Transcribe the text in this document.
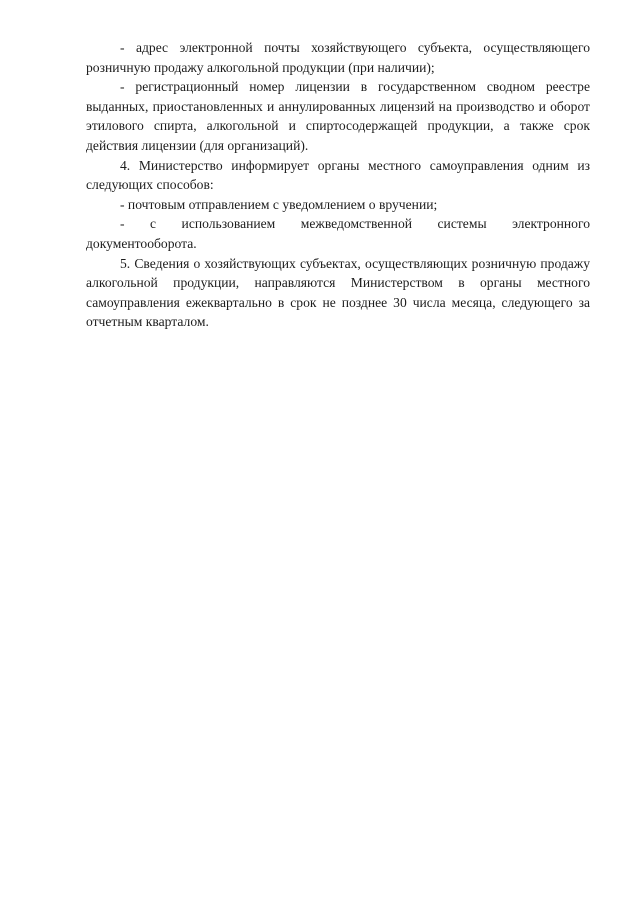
- адрес электронной почты хозяйствующего субъекта, осуществляющего розничную продажу алкогольной продукции (при наличии);

- регистрационный номер лицензии в государственном сводном реестре выданных, приостановленных и аннулированных лицензий на производство и оборот этилового спирта, алкогольной и спиртосодержащей продукции, а также срок действия лицензии (для организаций).

4. Министерство информирует органы местного самоуправления одним из следующих способов:

- почтовым отправлением с уведомлением о вручении;

- с использованием межведомственной системы электронного документооборота.

5. Сведения о хозяйствующих субъектах, осуществляющих розничную продажу алкогольной продукции, направляются Министерством в органы местного самоуправления ежеквартально в срок не позднее 30 числа месяца, следующего за отчетным кварталом.
